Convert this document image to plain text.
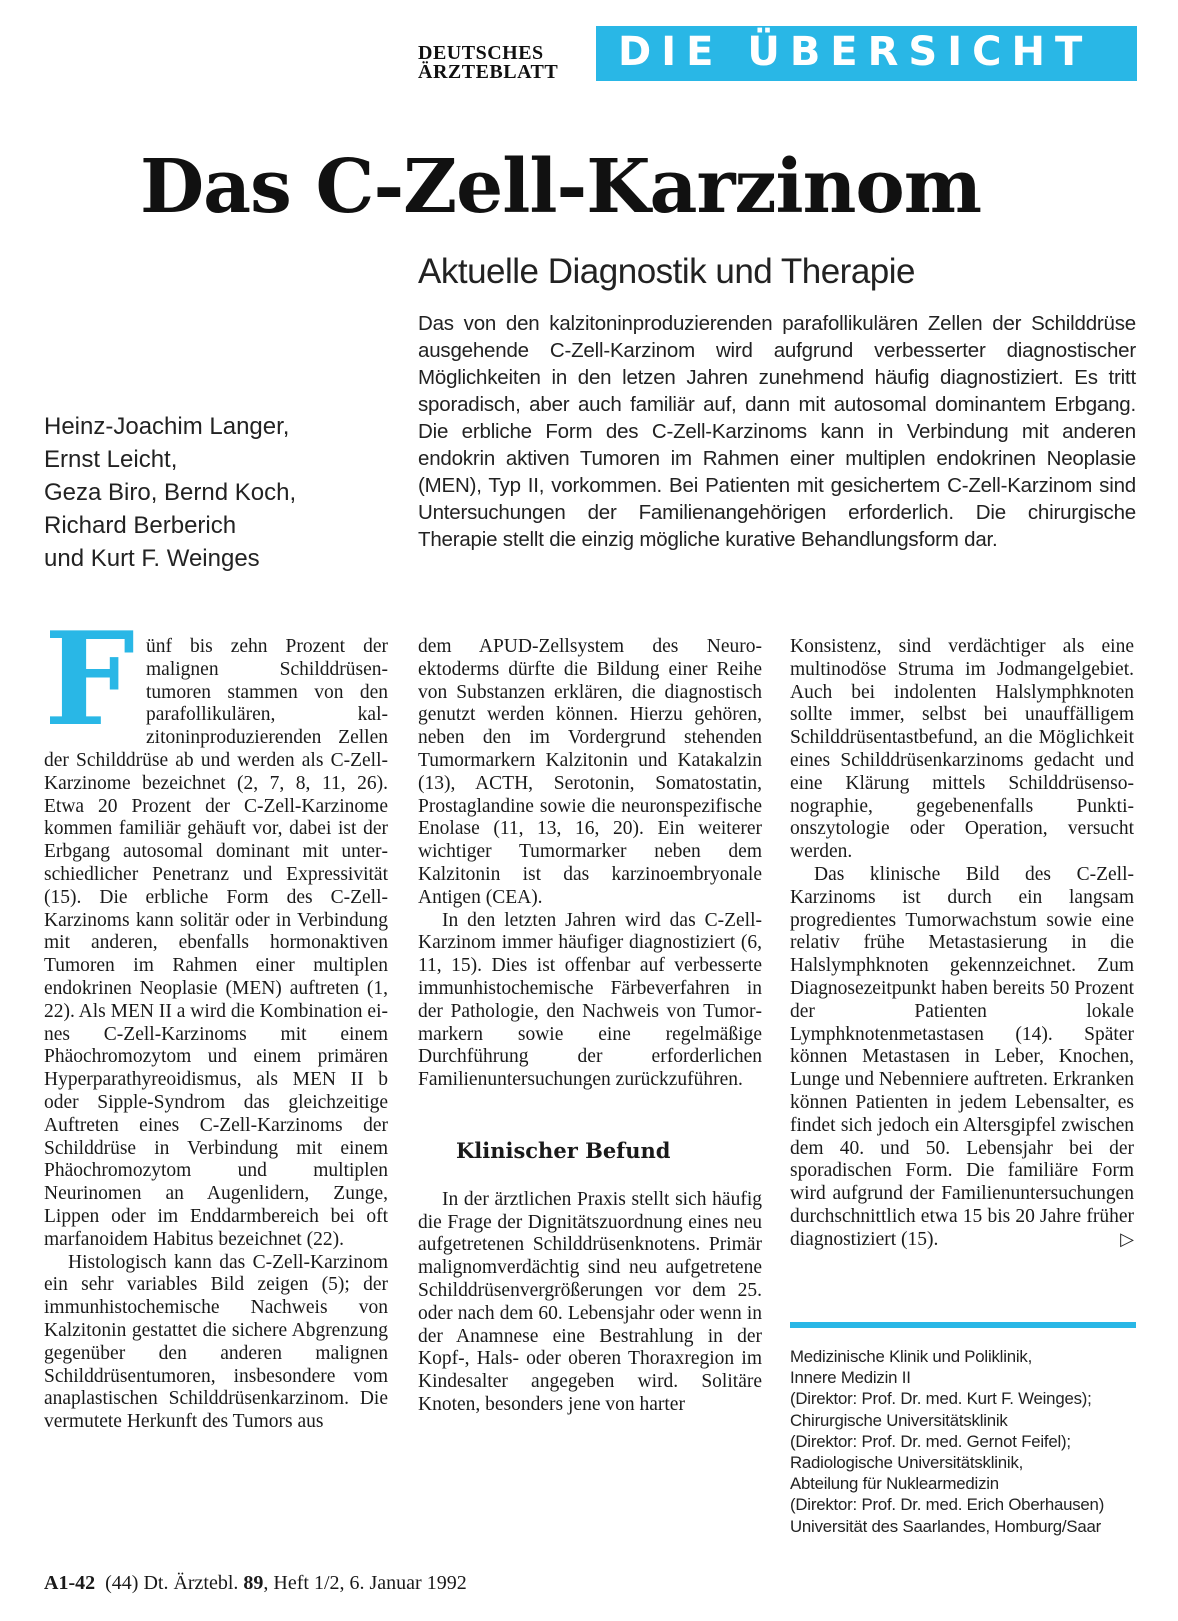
DEUTSCHES
ÄRZTEBLATT	DIE ÜBERSICHT
Das C-Zell-Karzinom
Aktuelle Diagnostik und Therapie
Das von den kalzitoninproduzierenden parafollikulären Zellen der Schilddrüse ausgehende C-Zell-Karzinom wird aufgrund verbesserter diagnostischer Möglichkeiten in den letzen Jahren zunehmend häufig diagnostiziert. Es tritt sporadisch, aber auch familiär auf, dann mit autosomal dominantem Erbgang. Die erbliche Form des C-Zell-Karzinoms kann in Verbindung mit anderen endokrin aktiven Tumoren im Rahmen einer multiplen endokrinen Neoplasie (MEN), Typ II, vorkommen. Bei Patienten mit gesichertem C-Zell-Karzinom sind Untersuchungen der Familienangehörigen erforderlich. Die chirurgische Therapie stellt die einzig mögliche kurative Behandlungsform dar.
Heinz-Joachim Langer,
Ernst Leicht,
Geza Biro, Bernd Koch,
Richard Berberich
und Kurt F. Weinges
F ünf bis zehn Prozent der malignen Schilddrüsentumoren stammen von den parafollikulären, kalzitoninproduzierenden Zellen der Schilddrüse ab und werden als C-Zell-Karzinome bezeichnet (2, 7, 8, 11, 26). Etwa 20 Prozent der C-Zell-Karzinome kommen familiär gehäuft vor, dabei ist der Erbgang autosomal dominant mit unterschiedlicher Penetranz und Expressivität (15). Die erbliche Form des C-Zell-Karzinoms kann solitär oder in Verbindung mit anderen, ebenfalls hormonaktiven Tumoren im Rahmen einer multiplen endokrinen Neoplasie (MEN) auftreten (1, 22). Als MEN II a wird die Kombination eines C-Zell-Karzinoms mit einem Phäochromozytom und einem primären Hyperparathyreoidismus, als MEN II b oder Sipple-Syndrom das gleichzeitige Auftreten eines C-Zell-Karzinoms der Schilddrüse in Verbindung mit einem Phäochromozytom und multiplen Neurinomen an Augenlidern, Zunge, Lippen oder im Enddarmbereich bei oft marfanoidem Habitus bezeichnet (22).

Histologisch kann das C-Zell-Karzinom ein sehr variables Bild zeigen (5); der immunhistochemische Nachweis von Kalzitonin gestattet die sichere Abgrenzung gegenüber den anderen malignen Schilddrüsentumoren, insbesondere vom anaplastischen Schilddrüsenkarzinom. Die vermutete Herkunft des Tumors aus

dem APUD-Zellsystem des Neuroektoderms dürfte die Bildung einer Reihe von Substanzen erklären, die diagnostisch genutzt werden können. Hierzu gehören, neben den im Vordergrund stehenden Tumormarkern Kalzitonin und Katakalzin (13), ACTH, Serotonin, Somatostatin, Prostaglandine sowie die neuronspezifische Enolase (11, 13, 16, 20). Ein weiterer wichtiger Tumormarker neben dem Kalzitonin ist das karzinoembryonale Antigen (CEA).

In den letzten Jahren wird das C-Zell-Karzinom immer häufiger diagnostiziert (6, 11, 15). Dies ist offenbar auf verbesserte immunhistochemische Färbeverfahren in der Pathologie, den Nachweis von Tumormarkern sowie eine regelmäßige Durchführung der erforderlichen Familienuntersuchungen zurückzuführen.

Klinischer Befund

In der ärztlichen Praxis stellt sich häufig die Frage der Dignitätszuordnung eines neu aufgetretenen Schilddrüsenknotens. Primär malignomverdächtig sind neu aufgetretene Schilddrüsenvergrößerungen vor dem 25. oder nach dem 60. Lebensjahr oder wenn in der Anamnese eine Bestrahlung in der Kopf-, Hals- oder oberen Thoraxregion im Kindesalter angegeben wird. Solitäre Knoten, besonders jene von harter

Konsistenz, sind verdächtiger als eine multinodöse Struma im Jodmangelgebiet. Auch bei indolenten Halslymphknoten sollte immer, selbst bei unauffälligem Schilddrüsentastbefund, an die Möglichkeit eines Schilddrüsenkarzinoms gedacht und eine Klärung mittels Schilddrüsensonographie, gegebenenfalls Punktionszytologie oder Operation, versucht werden.

Das klinische Bild des C-Zell-Karzinoms ist durch ein langsam progredientes Tumorwachstum sowie eine relativ frühe Metastasierung in die Halslymphknoten gekennzeichnet. Zum Diagnosezeitpunkt haben bereits 50 Prozent der Patienten lokale Lymphknotenmetastasen (14). Später können Metastasen in Leber, Knochen, Lunge und Nebenniere auftreten. Erkranken können Patienten in jedem Lebensalter, es findet sich jedoch ein Altersgipfel zwischen dem 40. und 50. Lebensjahr bei der sporadischen Form. Die familiäre Form wird aufgrund der Familienuntersuchungen durchschnittlich etwa 15 bis 20 Jahre früher diagnostiziert (15).	▷

Medizinische Klinik und Poliklinik,
Innere Medizin II
(Direktor: Prof. Dr. med. Kurt F. Weinges);
Chirurgische Universitätsklinik
(Direktor: Prof. Dr. med. Gernot Feifel);
Radiologische Universitätsklinik,
Abteilung für Nuklearmedizin
(Direktor: Prof. Dr. med. Erich Oberhausen)
Universität des Saarlandes, Homburg/Saar
A1-42 (44) Dt. Ärztebl. 89, Heft 1/2, 6. Januar 1992
